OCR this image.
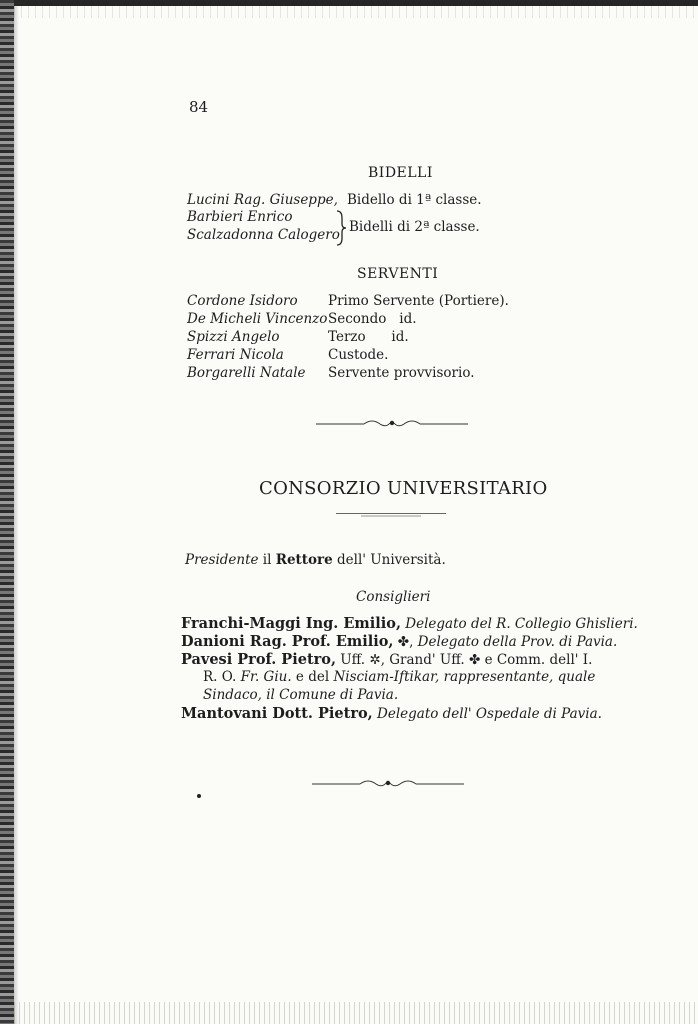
84
BIDELLI
Lucini Rag. Giuseppe, Bidello di 1ª classe.
Barbieri Enrico
Scalzadonna Calogero Bidelli di 2ª classe.
SERVENTI
Cordone Isidoro Primo Servente (Portiere).
De Micheli Vincenzo Secondo   id.
Spizzi Angelo	Terzo      id.
Ferrari Nicola	Custode.
Borgarelli Natale Servente provvisorio.
CONSORZIO UNIVERSITARIO
Presidente il Rettore dell' Università.
Consiglieri
Franchi-Maggi Ing. Emilio, Delegato del R. Collegio Ghislieri.
Danioni Rag. Prof. Emilio, ✤, Delegato della Prov. di Pavia.
Pavesi Prof. Pietro, Uff. ✲, Grand' Uff. ✤ e Comm. dell' I.
R. O. Fr. Giu. e del Nisciam-Iftikar, rappresentante, quale
Sindaco, il Comune di Pavia.
Mantovani Dott. Pietro, Delegato dell' Ospedale di Pavia.
